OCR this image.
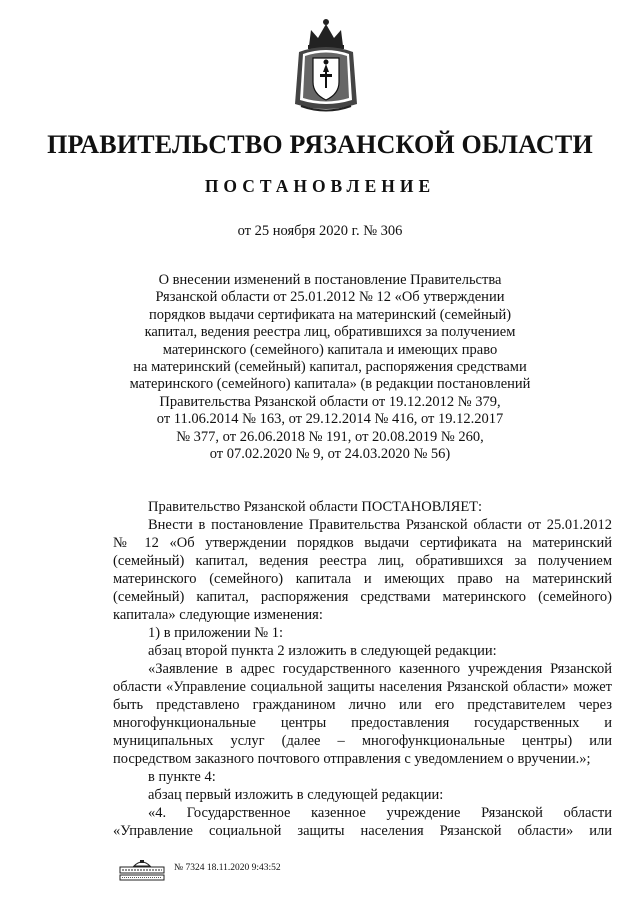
ПРАВИТЕЛЬСТВО РЯЗАНСКОЙ ОБЛАСТИ
ПОСТАНОВЛЕНИЕ
от 25 ноября 2020 г. № 306
О внесении изменений в постановление Правительства
Рязанской области от 25.01.2012 № 12 «Об утверждении
порядков выдачи сертификата на материнский (семейный)
капитал, ведения реестра лиц, обратившихся за получением
материнского (семейного) капитала и имеющих право
на материнский (семейный) капитал, распоряжения средствами
материнского (семейного) капитала» (в редакции постановлений
Правительства Рязанской области от 19.12.2012 № 379,
от 11.06.2014 № 163, от 29.12.2014 № 416, от 19.12.2017
№ 377, от 26.06.2018 № 191, от 20.08.2019 № 260,
от 07.02.2020 № 9, от 24.03.2020 № 56)

Правительство Рязанской области ПОСТАНОВЛЯЕТ:

Внести в постановление Правительства Рязанской области от 25.01.2012 № 12 «Об утверждении порядков выдачи сертификата на материнский (семейный) капитал, ведения реестра лиц, обратившихся за получением материнского (семейного) капитала и имеющих право на материнский (семейный) капитал, распоряжения средствами материнского (семейного) капитала» следующие изменения:

1) в приложении № 1:

абзац второй пункта 2 изложить в следующей редакции:

«Заявление в адрес государственного казенного учреждения Рязанской области «Управление социальной защиты населения Рязанской области» может быть представлено гражданином лично или его представителем через многофункциональные центры предоставления государственных и муниципальных услуг (далее – многофункциональные центры) или посредством заказного почтового отправления с уведомлением о вручении.»;

в пункте 4:

абзац первый изложить в следующей редакции:

«4. Государственное казенное учреждение Рязанской области
«Управление социальной защиты населения Рязанской области» или

№ 7324 18.11.2020 9:43:52
